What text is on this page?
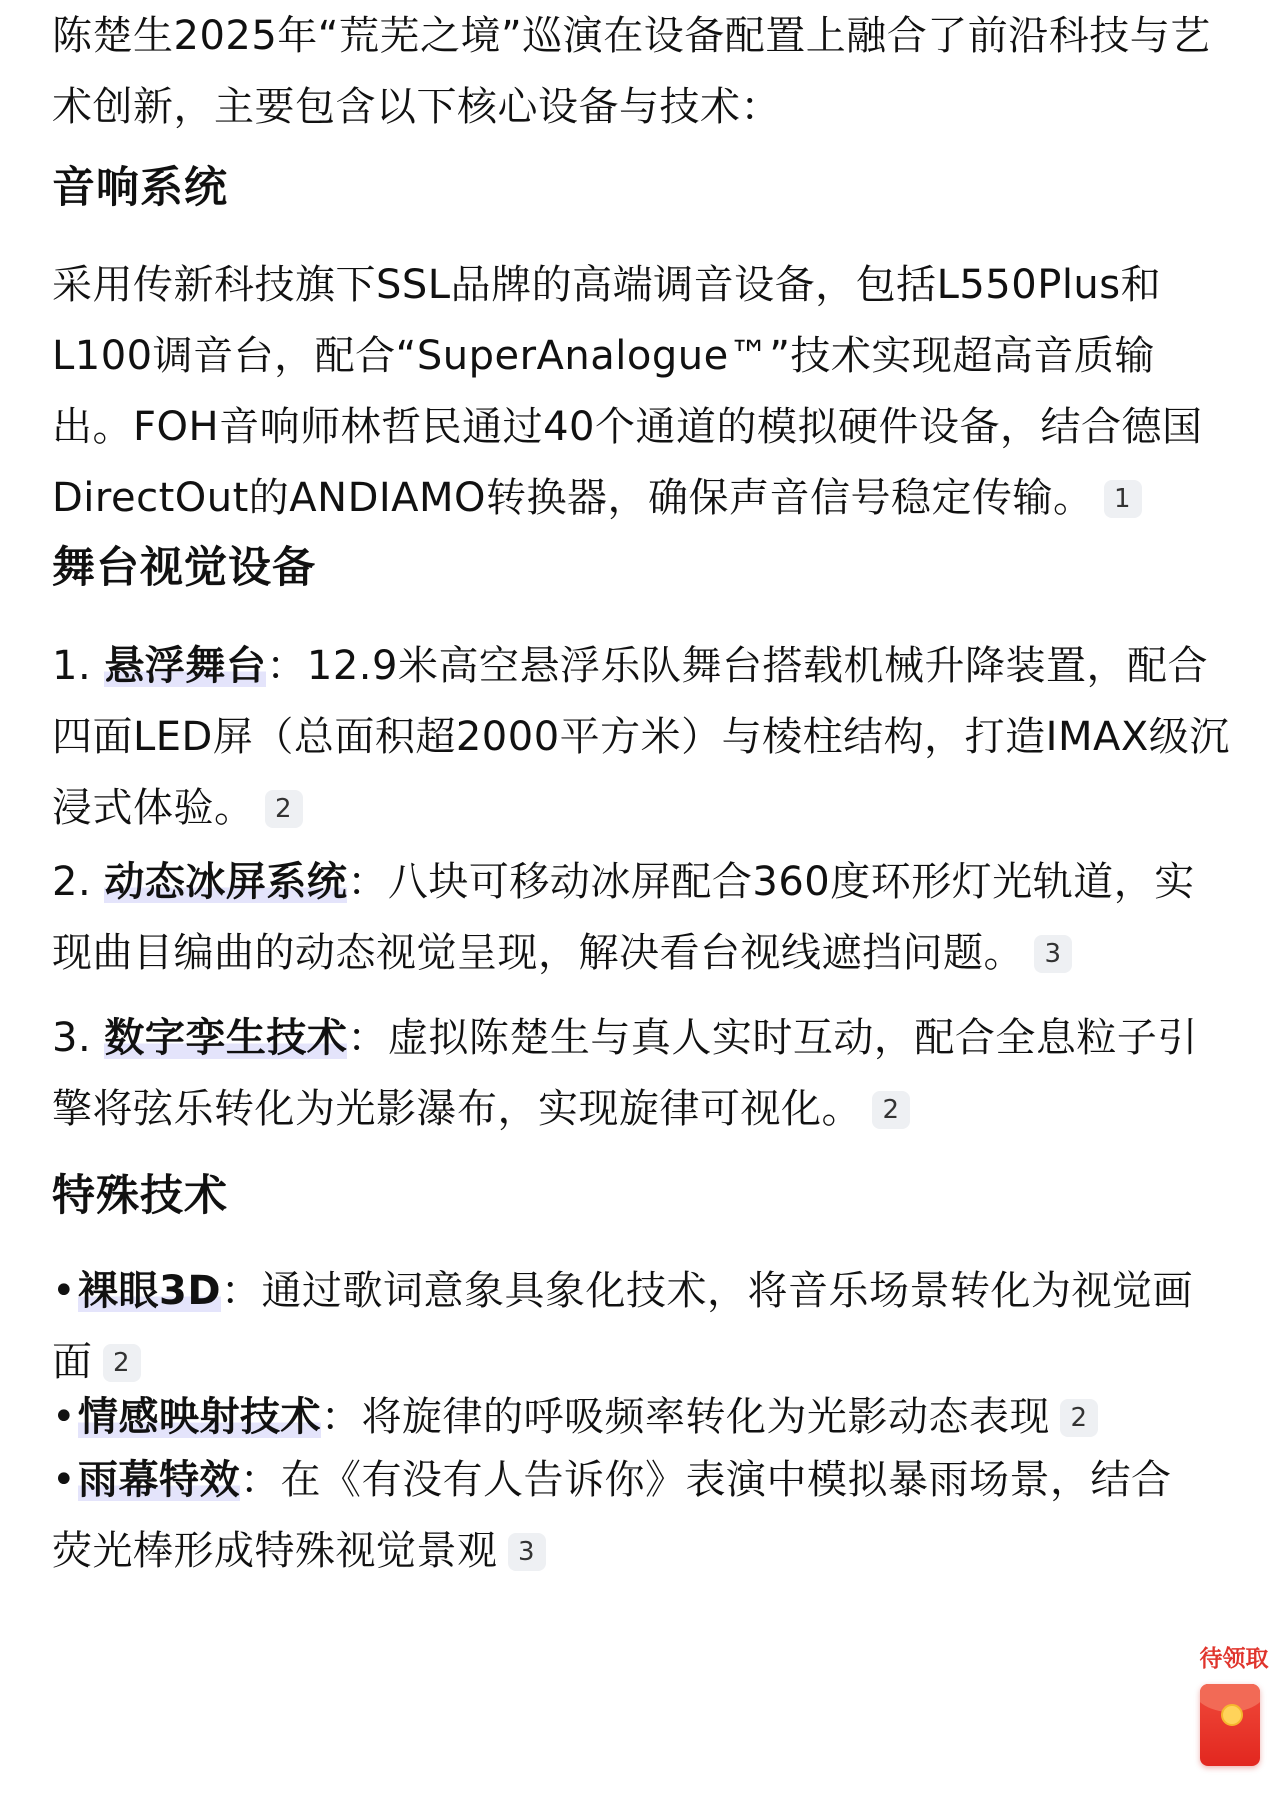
陈楚生2025年“荒芜之境”巡演在设备配置上融合了前沿科技与艺术创新，主要包含以下核心设备与技术：

音响系统

采用传新科技旗下SSL品牌的高端调音设备，包括L550Plus和L100调音台，配合“SuperAnalogue™”技术实现超高音质输出。FOH音响师林哲民通过40个通道的模拟硬件设备，结合德国DirectOut的ANDIAMO转换器，确保声音信号稳定传输。 1

舞台视觉设备

1. 悬浮舞台：12.9米高空悬浮乐队舞台搭载机械升降装置，配合四面LED屏（总面积超2000平方米）与棱柱结构，打造IMAX级沉浸式体验。 2

2. 动态冰屏系统：八块可移动冰屏配合360度环形灯光轨道，实现曲目编曲的动态视觉呈现，解决看台视线遮挡问题。 3

3. 数字孪生技术：虚拟陈楚生与真人实时互动，配合全息粒子引擎将弦乐转化为光影瀑布，实现旋律可视化。 2

特殊技术

•裸眼3D：通过歌词意象具象化技术，将音乐场景转化为视觉画面 2

•情感映射技术：将旋律的呼吸频率转化为光影动态表现 2

•雨幕特效：在《有没有人告诉你》表演中模拟暴雨场景，结合荧光棒形成特殊视觉景观 3

待领取
